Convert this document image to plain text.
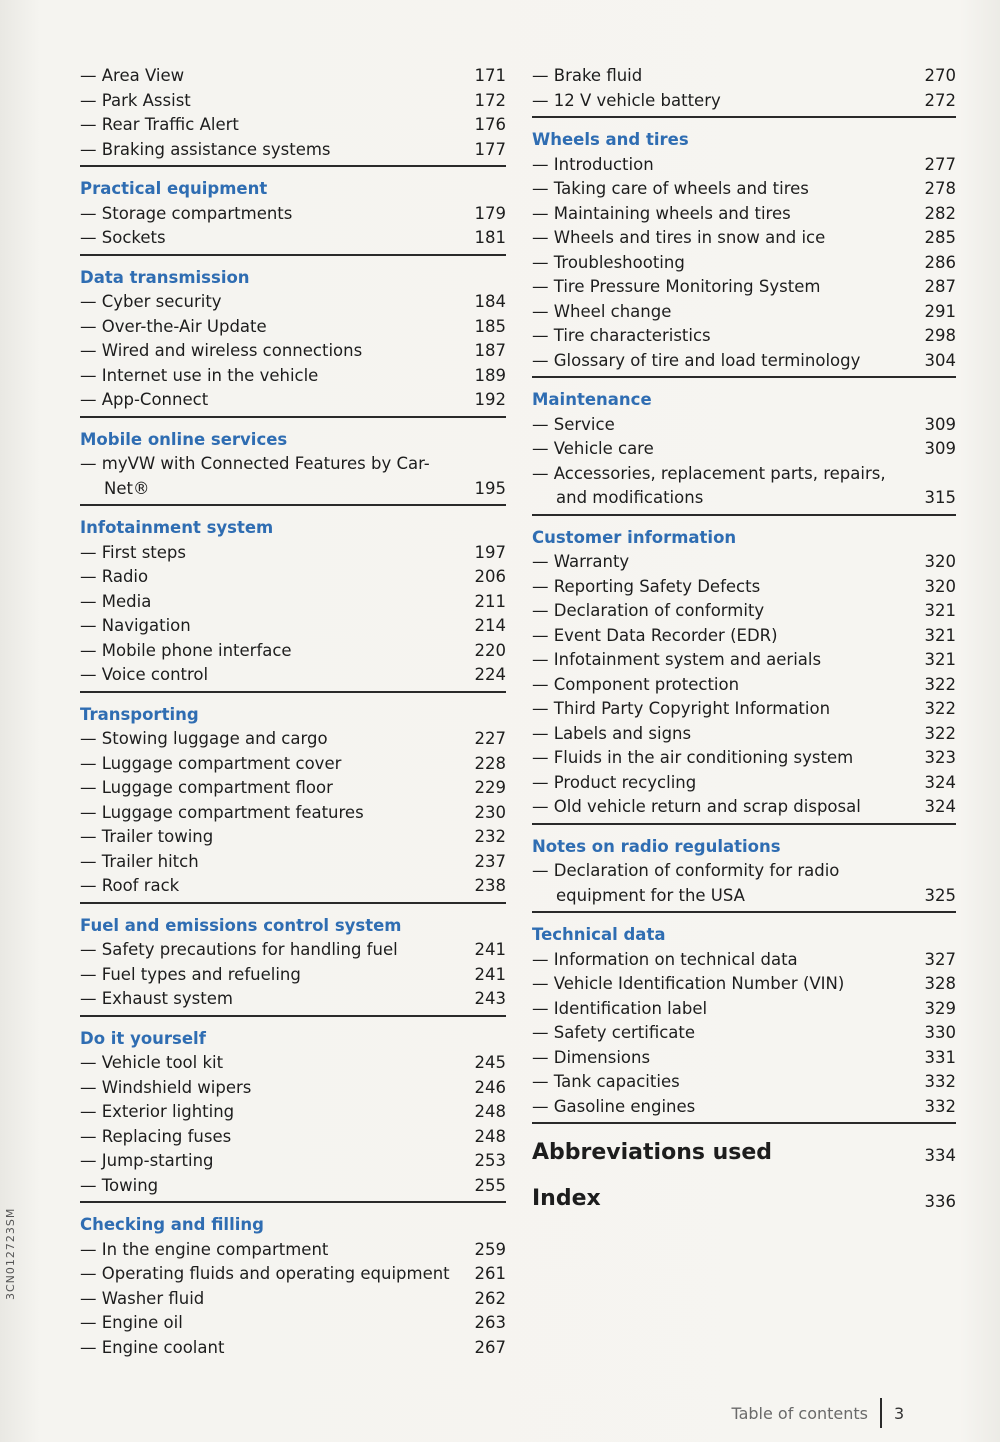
— Area View	171
— Park Assist	172
— Rear Traffic Alert	176
— Braking assistance systems	177
Practical equipment
— Storage compartments	179
— Sockets	181
Data transmission
— Cyber security	184
— Over-the-Air Update	185
— Wired and wireless connections	187
— Internet use in the vehicle	189
— App-Connect	192
Mobile online services
— myVW with Connected Features by Car-Net®	195
Infotainment system
— First steps	197
— Radio	206
— Media	211
— Navigation	214
— Mobile phone interface	220
— Voice control	224
Transporting
— Stowing luggage and cargo	227
— Luggage compartment cover	228
— Luggage compartment floor	229
— Luggage compartment features	230
— Trailer towing	232
— Trailer hitch	237
— Roof rack	238
Fuel and emissions control system
— Safety precautions for handling fuel	241
— Fuel types and refueling	241
— Exhaust system	243
Do it yourself
— Vehicle tool kit	245
— Windshield wipers	246
— Exterior lighting	248
— Replacing fuses	248
— Jump-starting	253
— Towing	255
Checking and filling
— In the engine compartment	259
— Operating fluids and operating equipment	261
— Washer fluid	262
— Engine oil	263
— Engine coolant	267
— Brake fluid	270
— 12 V vehicle battery	272
Wheels and tires
— Introduction	277
— Taking care of wheels and tires	278
— Maintaining wheels and tires	282
— Wheels and tires in snow and ice	285
— Troubleshooting	286
— Tire Pressure Monitoring System	287
— Wheel change	291
— Tire characteristics	298
— Glossary of tire and load terminology	304
Maintenance
— Service	309
— Vehicle care	309
— Accessories, replacement parts, repairs, and modifications	315
Customer information
— Warranty	320
— Reporting Safety Defects	320
— Declaration of conformity	321
— Event Data Recorder (EDR)	321
— Infotainment system and aerials	321
— Component protection	322
— Third Party Copyright Information	322
— Labels and signs	322
— Fluids in the air conditioning system	323
— Product recycling	324
— Old vehicle return and scrap disposal	324
Notes on radio regulations
— Declaration of conformity for radio equipment for the USA	325
Technical data
— Information on technical data	327
— Vehicle Identification Number (VIN)	328
— Identification label	329
— Safety certificate	330
— Dimensions	331
— Tank capacities	332
— Gasoline engines	332
Abbreviations used	334
Index	336
Table of contents	3
3CN012723SM
